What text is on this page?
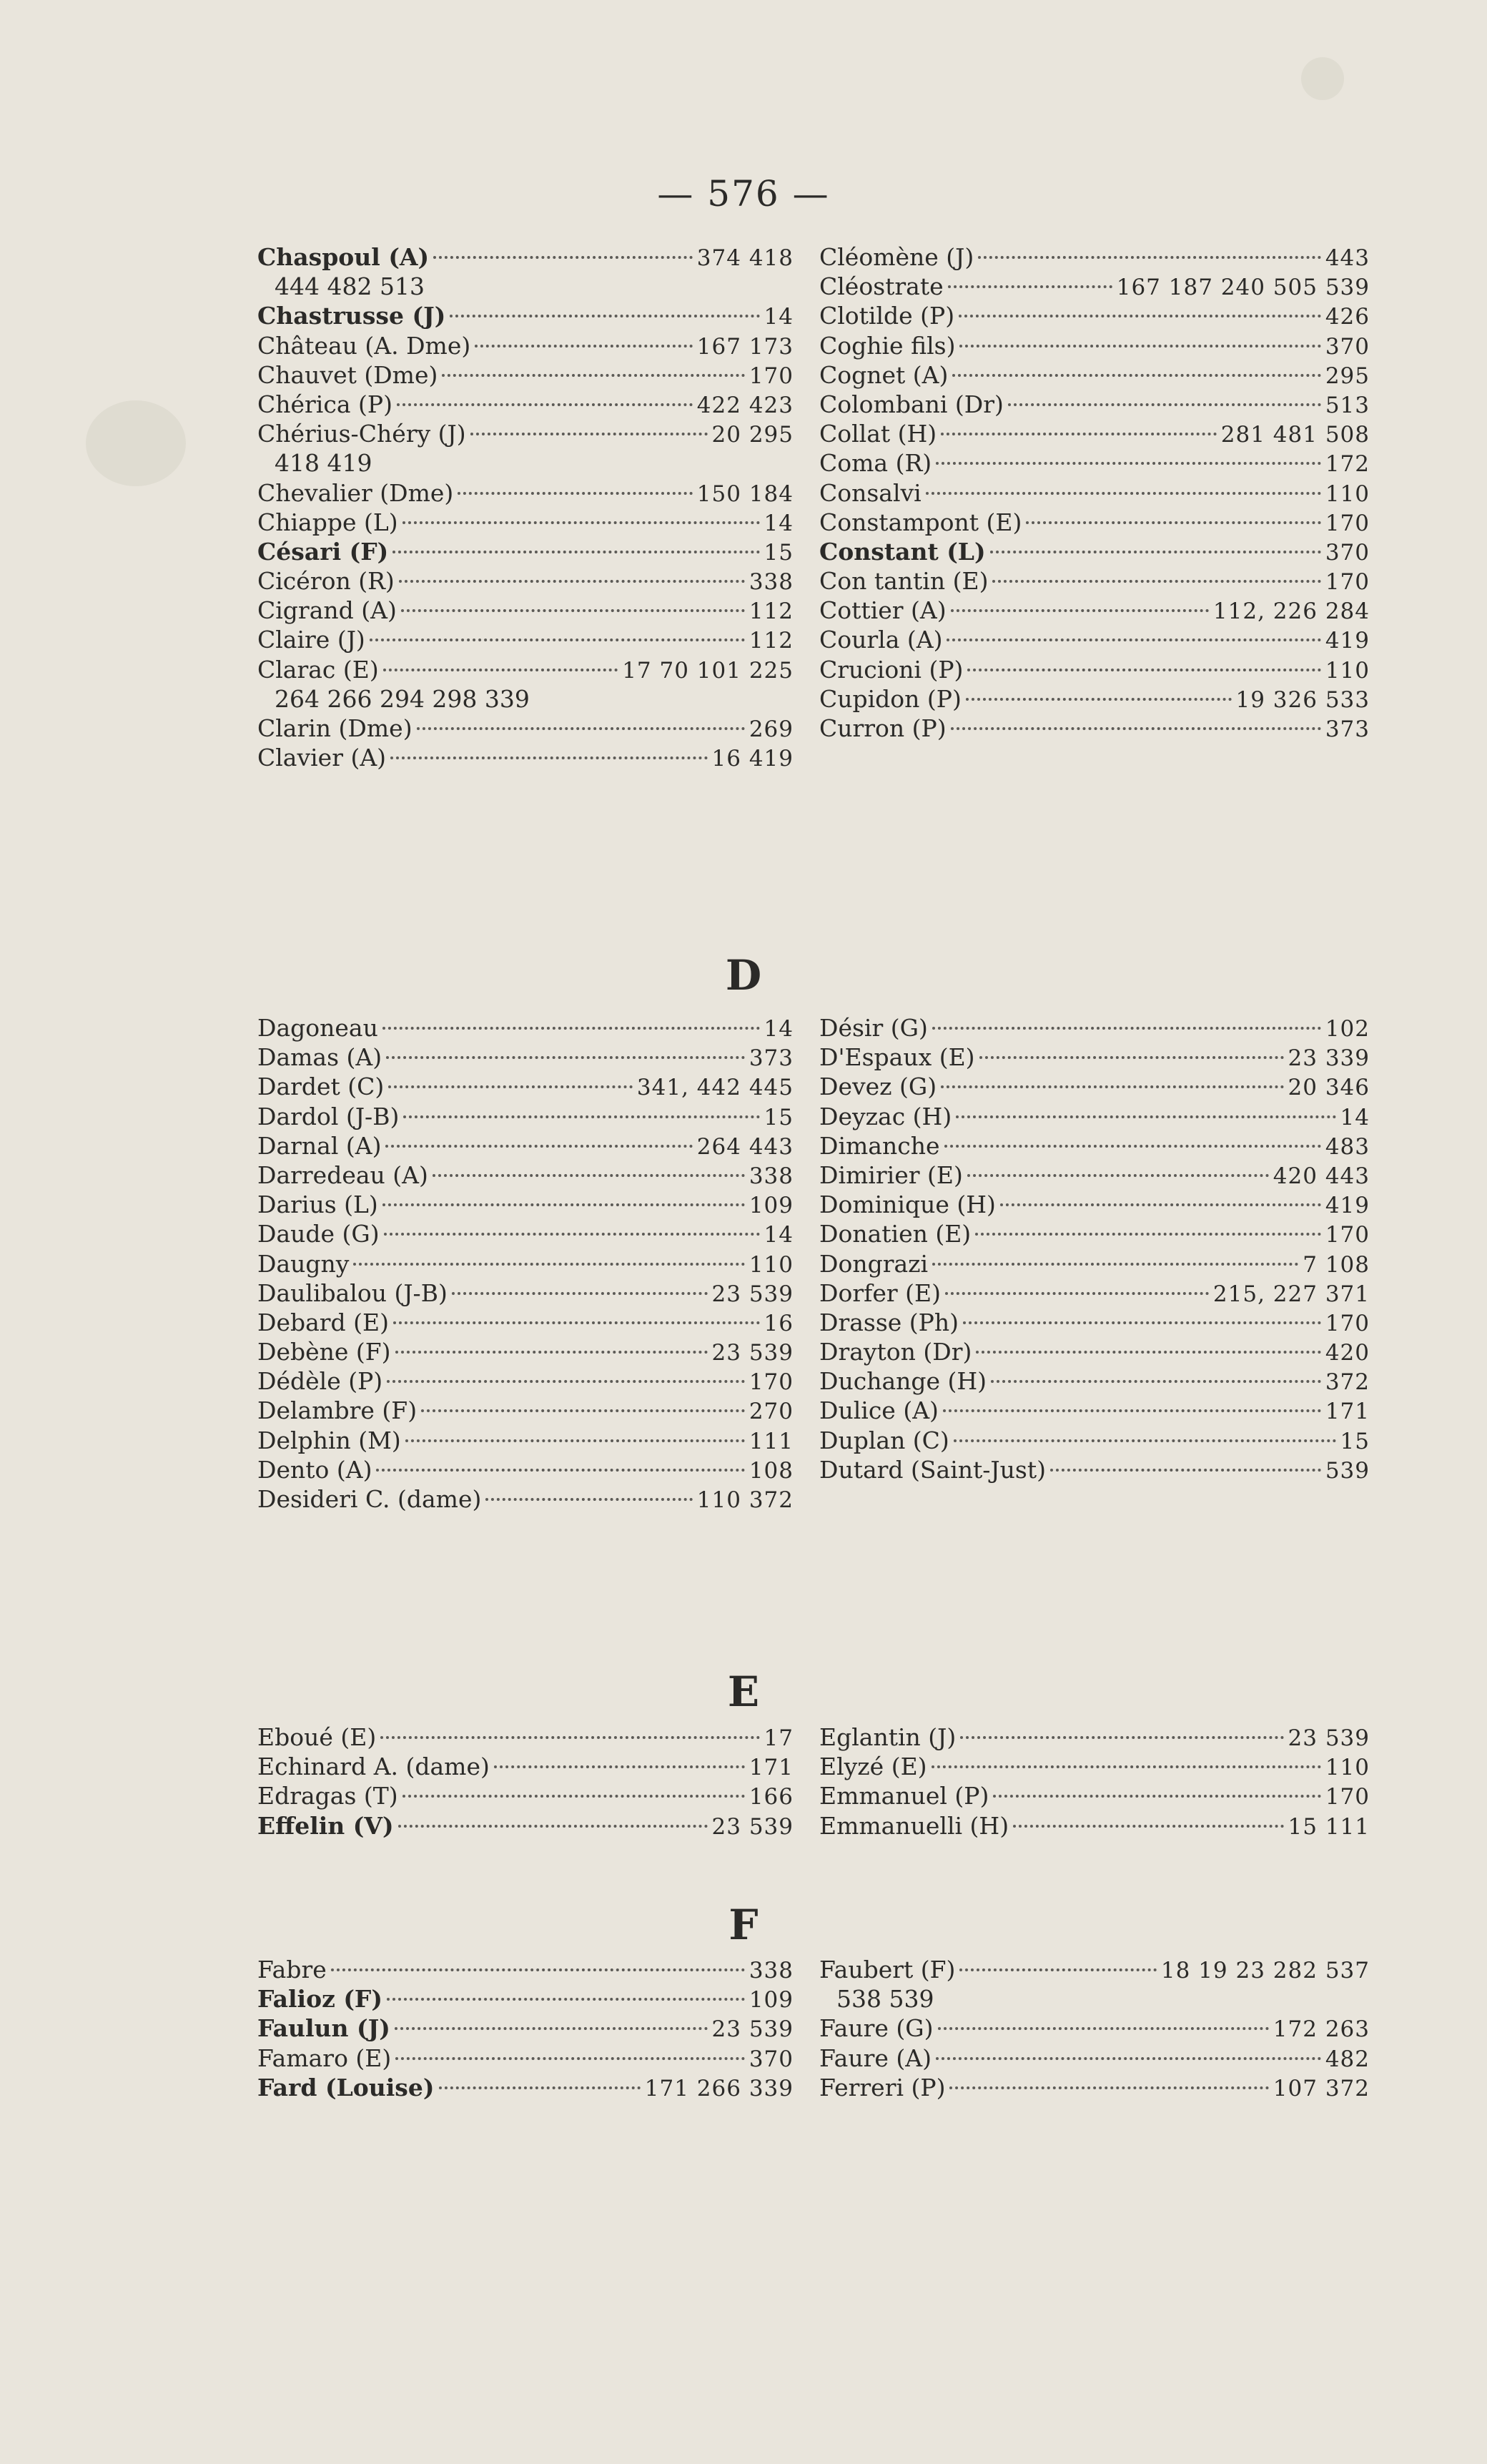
— 576 —
Chaspoul (A)	374 418
444 482 513
Chastrusse (J)	14
Château (A. Dme)	167 173
Chauvet (Dme)	170
Chérica (P)	422 423
Chérius-Chéry (J)	20 295
418 419
Chevalier (Dme)	150 184
Chiappe (L)	14
Césari (F)	15
Cicéron (R)	338
Cigrand (A)	112
Claire (J)	112
Clarac (E)	17 70 101 225
264 266 294 298 339
Clarin (Dme)	269
Clavier (A)	16 419
Cléomène (J)	443
Cléostrate	167 187 240 505 539
Clotilde (P)	426
Coghie fils)	370
Cognet (A)	295
Colombani (Dr)	513
Collat (H)	281 481 508
Coma (R)	172
Consalvi	110
Constampont (E)	170
Constant (L)	370
Con tantin (E)	170
Cottier (A)	112, 226 284
Courla (A)	419
Crucioni (P)	110
Cupidon (P)	19 326 533
Curron (P)	373
D
Dagoneau	14
Damas (A)	373
Dardet (C)	341, 442 445
Dardol (J-B)	15
Darnal (A)	264 443
Darredeau (A)	338
Darius (L)	109
Daude (G)	14
Daugny	110
Daulibalou (J-B)	23 539
Debard (E)	16
Debène (F)	23 539
Dédèle (P)	170
Delambre (F)	270
Delphin (M)	111
Dento (A)	108
Desideri C. (dame)	110 372
Désir (G)	102
D'Espaux (E)	23 339
Devez (G)	20 346
Deyzac (H)	14
Dimanche	483
Dimirier (E)	420 443
Dominique (H)	419
Donatien (E)	170
Dongrazi	7 108
Dorfer (E)	215, 227 371
Drasse (Ph)	170
Drayton (Dr)	420
Duchange (H)	372
Dulice (A)	171
Duplan (C)	15
Dutard (Saint-Just)	539
E
Eboué (E)	17
Echinard A. (dame)	171
Edragas (T)	166
Effelin (V)	23 539
Eglantin (J)	23 539
Elyzé (E)	110
Emmanuel (P)	170
Emmanuelli (H)	15 111
F
Fabre	338
Falioz (F)	109
Faulun (J)	23 539
Famaro (E)	370
Fard (Louise)	171 266 339
Faubert (F)	18 19 23 282 537
538 539
Faure (G)	172 263
Faure (A)	482
Ferreri (P)	107 372
